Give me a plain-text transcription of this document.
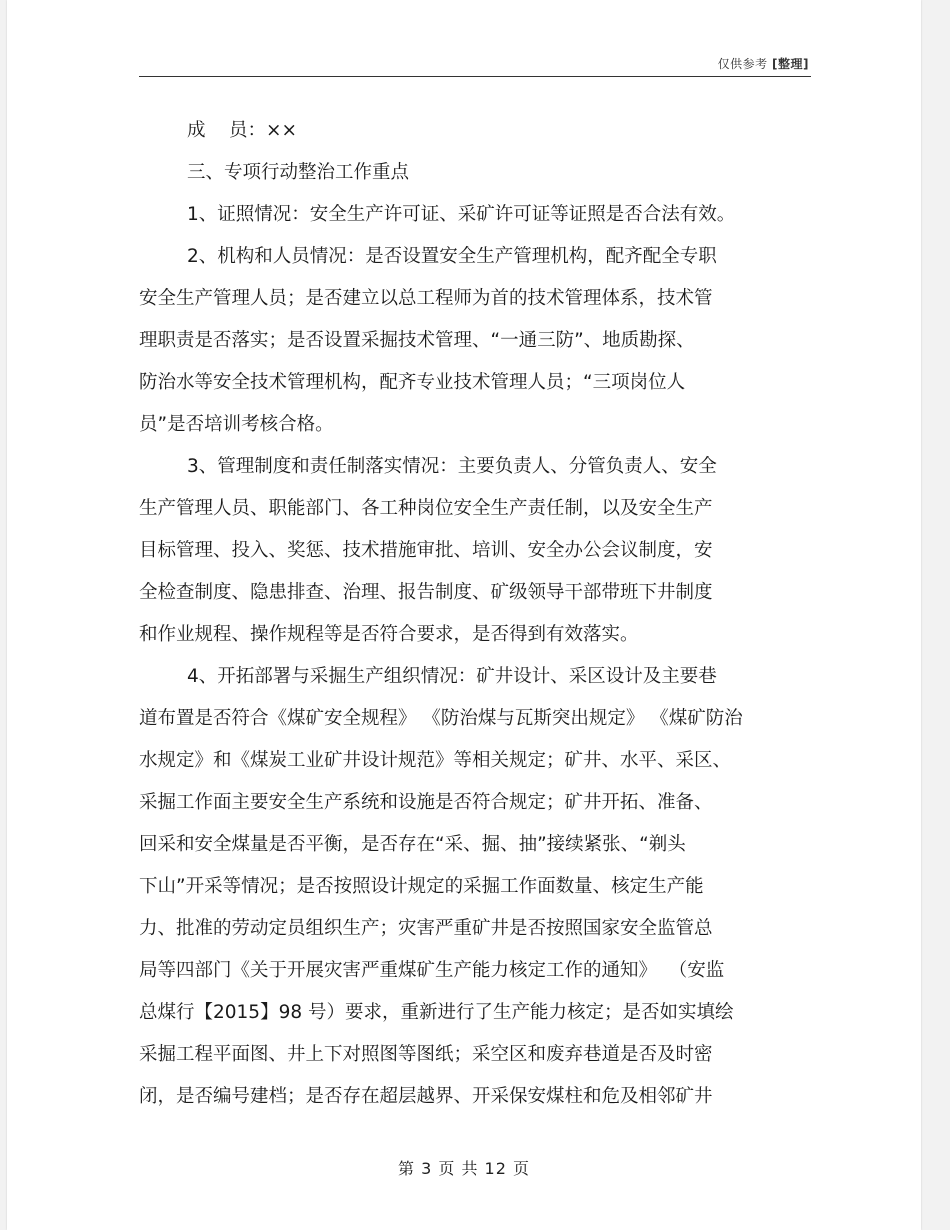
仅供参考 [整理]

成    员：××

三、专项行动整治工作重点

1、证照情况：安全生产许可证、采矿许可证等证照是否合法有效。

2、机构和人员情况：是否设置安全生产管理机构，配齐配全专职

安全生产管理人员；是否建立以总工程师为首的技术管理体系，技术管

理职责是否落实；是否设置采掘技术管理、“一通三防”、地质勘探、

防治水等安全技术管理机构，配齐专业技术管理人员；“三项岗位人

员”是否培训考核合格。

3、管理制度和责任制落实情况：主要负责人、分管负责人、安全

生产管理人员、职能部门、各工种岗位安全生产责任制，以及安全生产

目标管理、投入、奖惩、技术措施审批、培训、安全办公会议制度，安

全检查制度、隐患排查、治理、报告制度、矿级领导干部带班下井制度

和作业规程、操作规程等是否符合要求，是否得到有效落实。

4、开拓部署与采掘生产组织情况：矿井设计、采区设计及主要巷

道布置是否符合《煤矿安全规程》 《防治煤与瓦斯突出规定》 《煤矿防治

水规定》和《煤炭工业矿井设计规范》等相关规定；矿井、水平、采区、

采掘工作面主要安全生产系统和设施是否符合规定；矿井开拓、准备、

回采和安全煤量是否平衡，是否存在“采、掘、抽”接续紧张、“剃头

下山”开采等情况；是否按照设计规定的采掘工作面数量、核定生产能

力、批准的劳动定员组织生产；灾害严重矿井是否按照国家安全监管总

局等四部门《关于开展灾害严重煤矿生产能力核定工作的通知》  （安监

总煤行【2015】98 号）要求，重新进行了生产能力核定；是否如实填绘

采掘工程平面图、井上下对照图等图纸；采空区和废弃巷道是否及时密

闭，是否编号建档；是否存在超层越界、开采保安煤柱和危及相邻矿井

第 3 页 共 12 页
